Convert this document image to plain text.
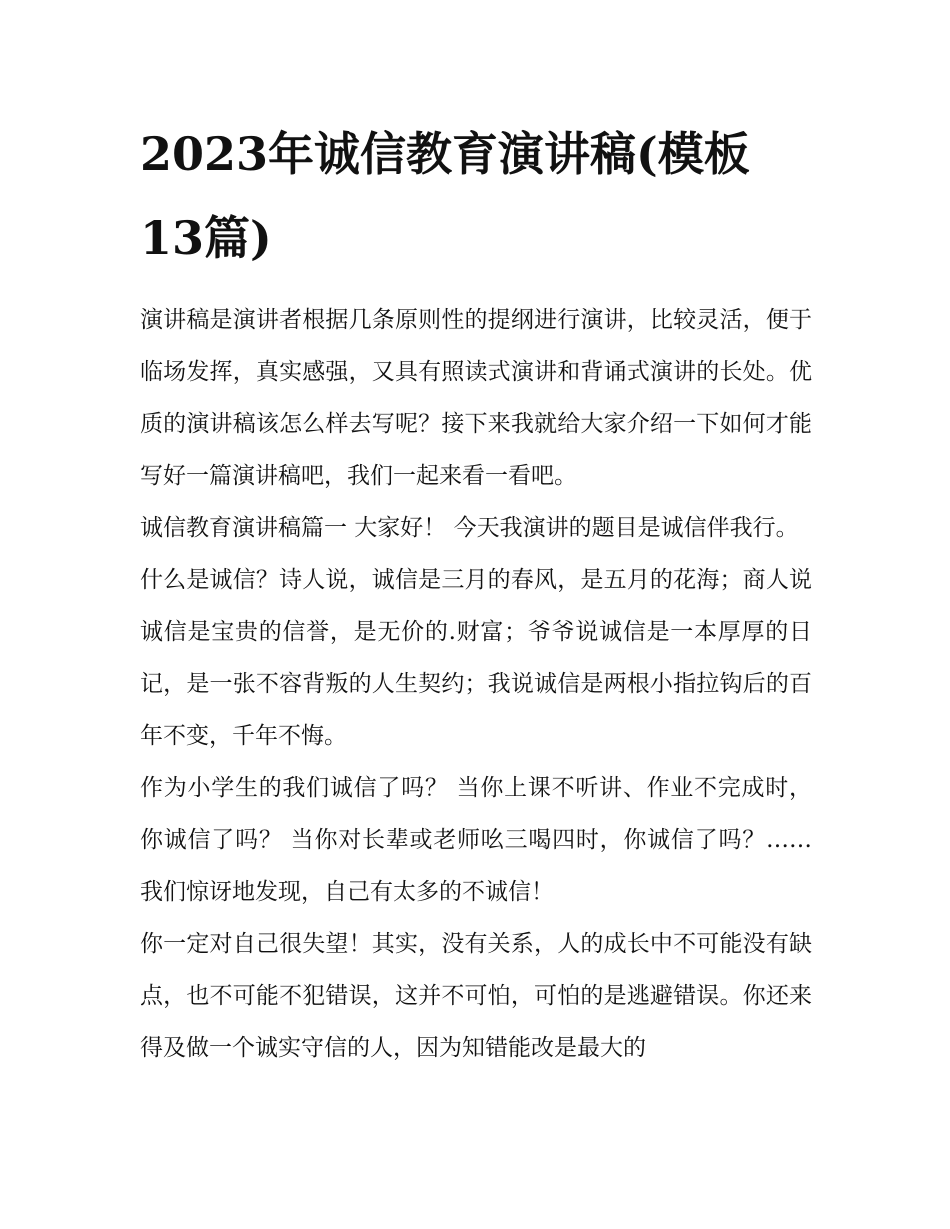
2023年诚信教育演讲稿(模板13篇)

演讲稿是演讲者根据几条原则性的提纲进行演讲，比较灵活，便于临场发挥，真实感强，又具有照读式演讲和背诵式演讲的长处。优质的演讲稿该怎么样去写呢？接下来我就给大家介绍一下如何才能写好一篇演讲稿吧，我们一起来看一看吧。

诚信教育演讲稿篇一 大家好！ 今天我演讲的题目是诚信伴我行。

什么是诚信？诗人说，诚信是三月的春风，是五月的花海；商人说诚信是宝贵的信誉，是无价的.财富；爷爷说诚信是一本厚厚的日记，是一张不容背叛的人生契约；我说诚信是两根小指拉钩后的百年不变，千年不悔。

作为小学生的我们诚信了吗？ 当你上课不听讲、作业不完成时，你诚信了吗？ 当你对长辈或老师吆三喝四时，你诚信了吗？……我们惊讶地发现，自己有太多的不诚信！

你一定对自己很失望！其实，没有关系，人的成长中不可能没有缺点，也不可能不犯错误，这并不可怕，可怕的是逃避错误。你还来得及做一个诚实守信的人，因为知错能改是最大的
